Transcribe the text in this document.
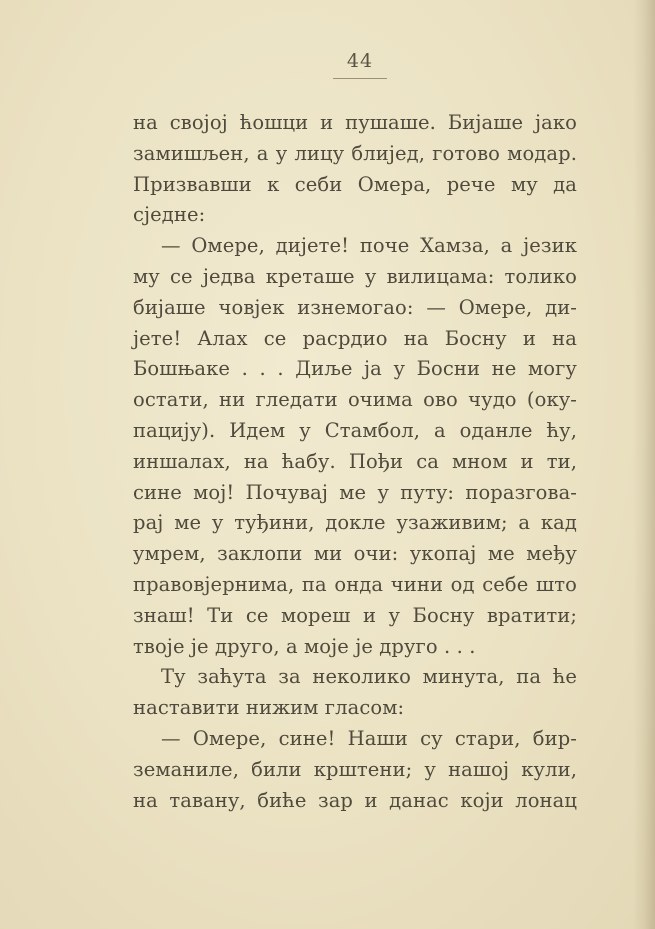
44
на својој ћошци и пушаше. Бијаше јако
замишљен, а у лицу блијед, готово модар.
Призвавши к себи Омера, рече му да
сједне:
— Омере, дијете! поче Хамза, а језик
му се једва креташе у вилицама: толико
бијаше човјек изнемогао: — Омере, ди-
јете! Алах се расрдио на Босну и на
Бошњаке . . . Диље ја у Босни не могу
остати, ни гледати очима ово чудо (оку-
пацију). Идем у Стамбол, а оданле ћу,
иншалах, на ћабу. Пођи са мном и ти,
сине мој! Почувај ме у путу: поразгова-
рај ме у туђини, докле узаживим; а кад
умрем, заклопи ми очи: укопај ме међу
правовјернима, па онда чини од себе што
знаш! Ти се мореш и у Босну вратити;
твоје је друго, а моје је друго . . .
Ту заћута за неколико минута, па ће
наставити нижим гласом:
— Омере, сине! Наши су стари, бир-
земаниле, били крштени; у нашој кули,
на тавану, биће зар и данас који лонац
